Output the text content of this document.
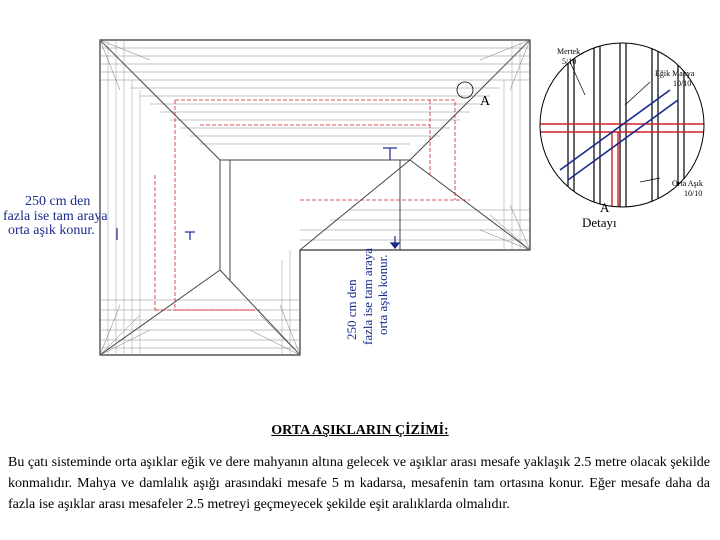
A
250 cm den
fazla ise tam araya
orta aşık konur.
250 cm den fazla ise tam araya orta aşık konur.
Mertek
5/10
Eğik Mahya
10/10
Orta Aşık
10/10
A
Detayı
ORTA AŞIKLARIN ÇİZİMİ:
Bu çatı sisteminde orta aşıklar eğik ve dere mahyanın altına gelecek ve aşıklar arası mesafe yaklaşık 2.5 metre olacak şekilde konmalıdır. Mahya ve damlalık aşığı arasındaki mesafe 5 m kadarsa, mesafenin tam ortasına konur. Eğer mesafe daha da fazla ise aşıklar arası mesafeler 2.5 metreyi geçmeyecek şekilde eşit aralıklarda olmalıdır.
